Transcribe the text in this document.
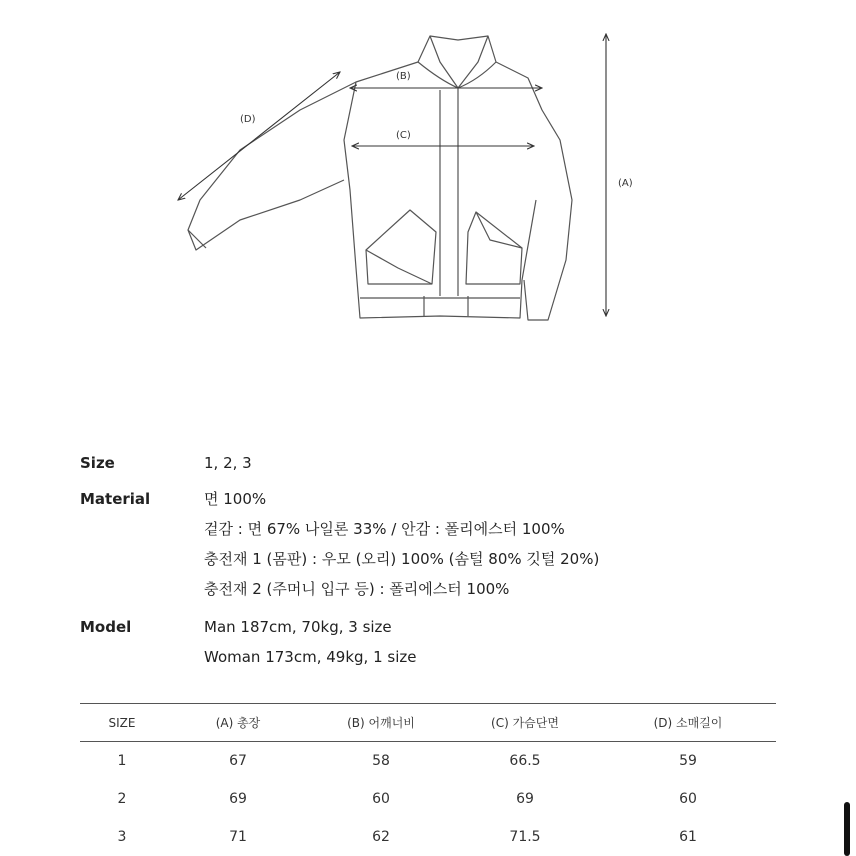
(A)
(B)
(C)
(D)
Size	1, 2, 3
Material	면 100%
겉감 : 면 67% 나일론 33% / 안감 : 폴리에스터 100%
충전재 1 (몸판) : 우모 (오리) 100% (솜털 80% 깃털 20%)
충전재 2 (주머니 입구 등) : 폴리에스터 100%
Model	Man 187cm, 70kg, 3 size
Woman 173cm, 49kg, 1 size
SIZE	(A) 총장	(B) 어깨너비	(C) 가슴단면	(D) 소매길이
1	67	58	66.5	59
2	69	60	69	60
3	71	62	71.5	61
